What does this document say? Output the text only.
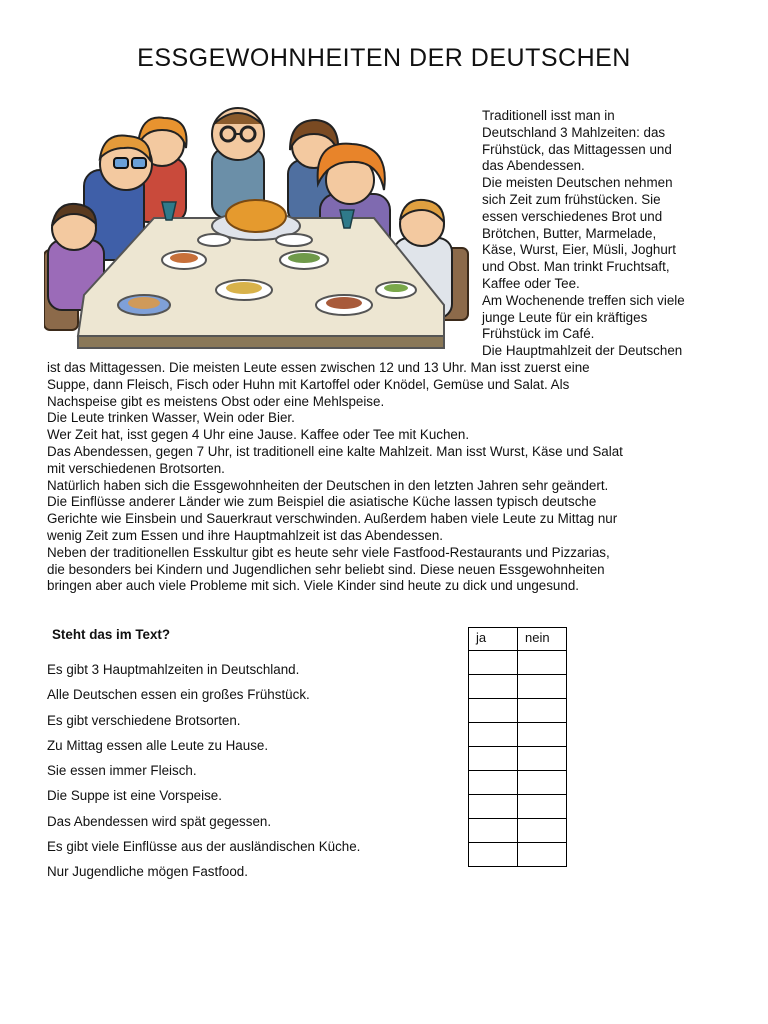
ESSGEWOHNHEITEN DER DEUTSCHEN
Traditionell isst man in
Deutschland 3 Mahlzeiten: das
Frühstück, das Mittagessen und
das Abendessen.
Die meisten Deutschen nehmen
sich Zeit zum frühstücken. Sie
essen verschiedenes Brot und
Brötchen, Butter, Marmelade,
Käse, Wurst, Eier, Müsli, Joghurt
und Obst. Man trinkt Fruchtsaft,
Kaffee oder Tee.
Am Wochenende treffen sich viele
junge Leute für ein kräftiges
Frühstück im Café.
Die Hauptmahlzeit der Deutschen
ist das Mittagessen. Die meisten Leute essen zwischen 12 und 13 Uhr. Man isst zuerst eine
Suppe, dann Fleisch, Fisch oder Huhn mit Kartoffel oder Knödel, Gemüse und Salat. Als
Nachspeise gibt es meistens Obst oder eine Mehlspeise.
Die Leute trinken Wasser, Wein oder Bier.
Wer Zeit hat, isst gegen 4 Uhr eine Jause. Kaffee oder Tee mit Kuchen.
Das Abendessen, gegen 7 Uhr, ist traditionell eine kalte Mahlzeit. Man isst Wurst, Käse und Salat
mit verschiedenen Brotsorten.
Natürlich haben sich die Essgewohnheiten der Deutschen in den letzten Jahren sehr geändert.
Die Einflüsse anderer Länder wie zum Beispiel die asiatische Küche lassen typisch deutsche
Gerichte wie Einsbein und Sauerkraut verschwinden. Außerdem haben viele Leute zu Mittag nur
wenig Zeit zum Essen und ihre Hauptmahlzeit ist das Abendessen.
Neben der traditionellen Esskultur gibt es heute sehr viele Fastfood-Restaurants und Pizzarias,
die besonders bei Kindern und Jugendlichen sehr beliebt sind. Diese neuen Essgewohnheiten
bringen aber auch viele Probleme mit sich. Viele Kinder sind heute zu dick und ungesund.
Steht das im Text?
Es gibt 3 Hauptmahlzeiten in Deutschland.
Alle Deutschen essen ein großes Frühstück.
Es gibt verschiedene Brotsorten.
Zu Mittag essen alle Leute zu Hause.
Sie essen immer Fleisch.
Die Suppe ist eine Vorspeise.
Das Abendessen wird spät gegessen.
Es gibt viele Einflüsse aus der ausländischen Küche.
Nur Jugendliche mögen Fastfood.
ja	nein
